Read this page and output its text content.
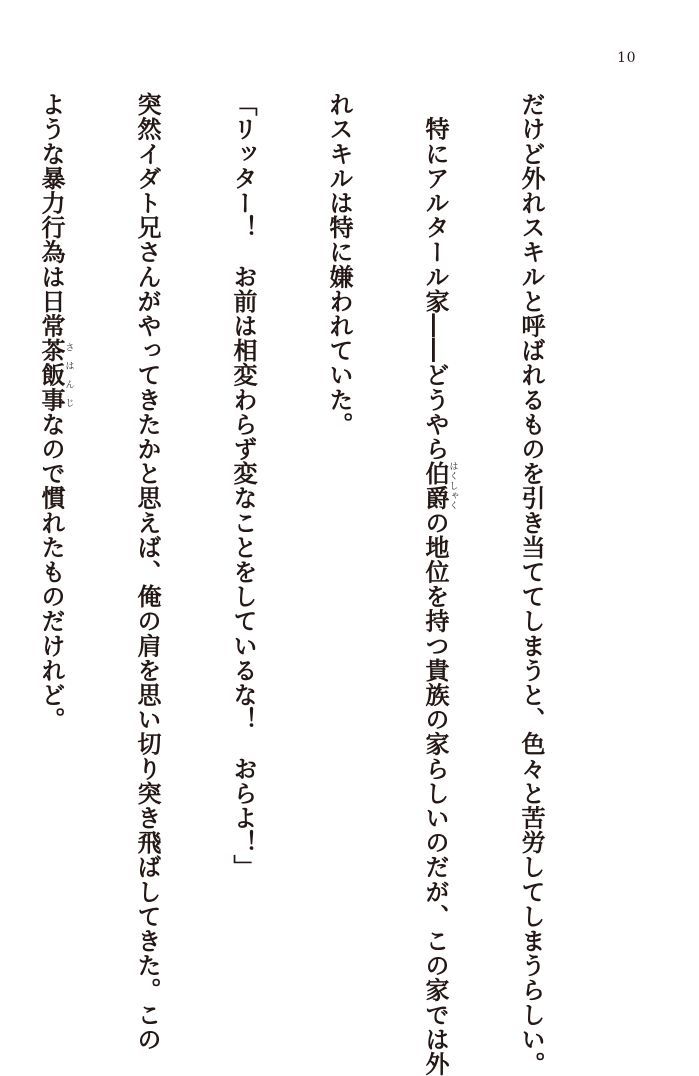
10

だけど外れスキルと呼ばれるものを引き当ててしまうと、色々と苦労してしまうらしい。

　特にアルタール家――どうやら伯爵はくしゃくの地位を持つ貴族の家らしいのだが、この家では外

れスキルは特に嫌われていた。

「リッター！　お前は相変わらず変なことをしているな！　おらよ！」

突然イダト兄さんがやってきたかと思えば、俺の肩を思い切り突き飛ばしてきた。この

ような暴力行為は日常茶飯事さはんじなので慣れたものだけれど。
